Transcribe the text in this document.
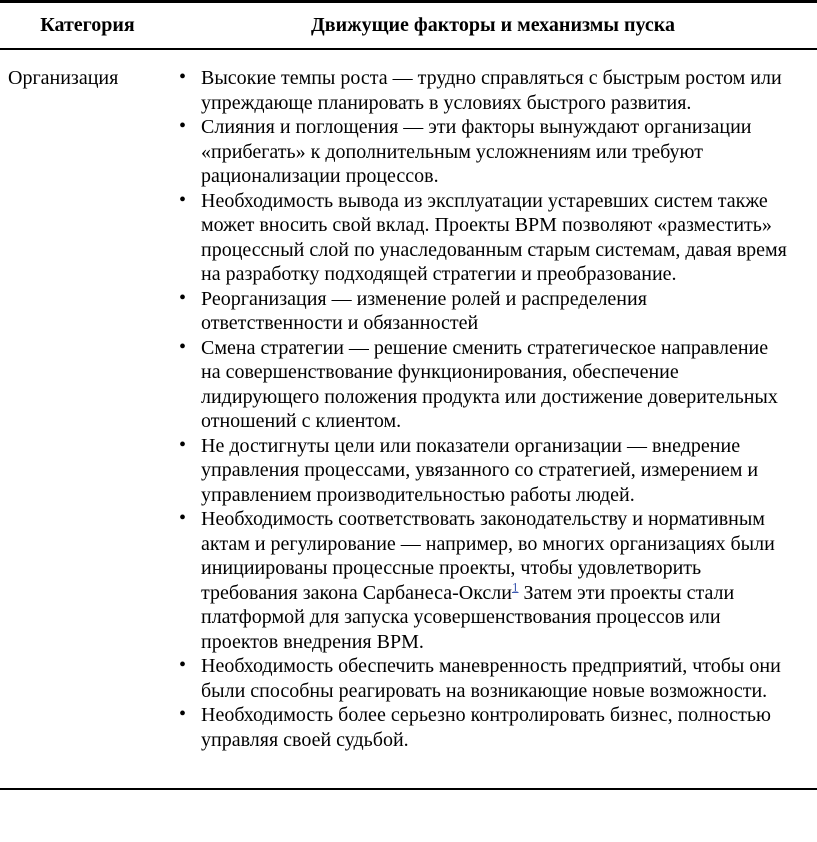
Категория	Движущие факторы и механизмы пуска
Организация	• Высокие темпы роста — трудно справляться с быстрым ростом или упреждающе планировать в условиях быстрого развития.
• Слияния и поглощения — эти факторы вынуждают организации «прибегать» к дополнительным усложнениям или требуют рационализации процессов.
• Необходимость вывода из эксплуатации устаревших систем также может вносить свой вклад. Проекты BPM позволяют «разместить» процессный слой по унаследованным старым системам, давая время на разработку подходящей стратегии и преобразование.
• Реорганизация — изменение ролей и распределения ответственности и обязанностей
• Смена стратегии — решение сменить стратегическое направление на совершенствование функционирования, обеспечение лидирующего положения продукта или достижение доверительных отношений с клиентом.
• Не достигнуты цели или показатели организации — внедрение управления процессами, увязанного со стратегией, измерением и управлением производительностью работы людей.
• Необходимость соответствовать законодательству и нормативным актам и регулирование — например, во многих организациях были инициированы процессные проекты, чтобы удовлетворить требования закона Сарбанеса-Оксли$^1$ Затем эти проекты стали платформой для запуска усовершенствования процессов или проектов внедрения BPM.
• Необходимость обеспечить маневренность предприятий, чтобы они были способны реагировать на возникающие новые возможности.
• Необходимость более серьезно контролировать бизнес, полностью управляя своей судьбой.
